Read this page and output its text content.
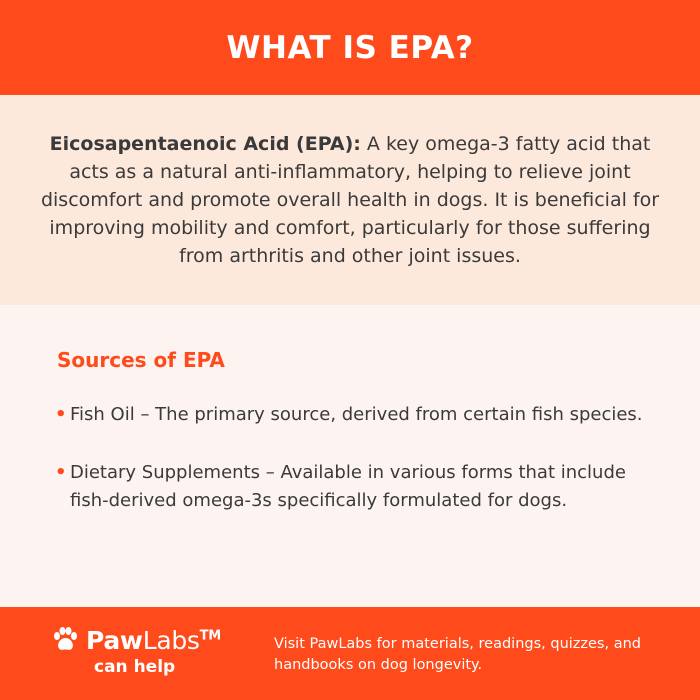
WHAT IS EPA?

Eicosapentaenoic Acid (EPA): A key omega-3 fatty acid that acts as a natural anti-inflammatory, helping to relieve joint discomfort and promote overall health in dogs. It is beneficial for improving mobility and comfort, particularly for those suffering from arthritis and other joint issues.

Sources of EPA
• Fish Oil – The primary source, derived from certain fish species.
• Dietary Supplements – Available in various forms that include fish-derived omega-3s specifically formulated for dogs.
PawLabs™
can help

Visit PawLabs for materials, readings, quizzes, and handbooks on dog longevity.
